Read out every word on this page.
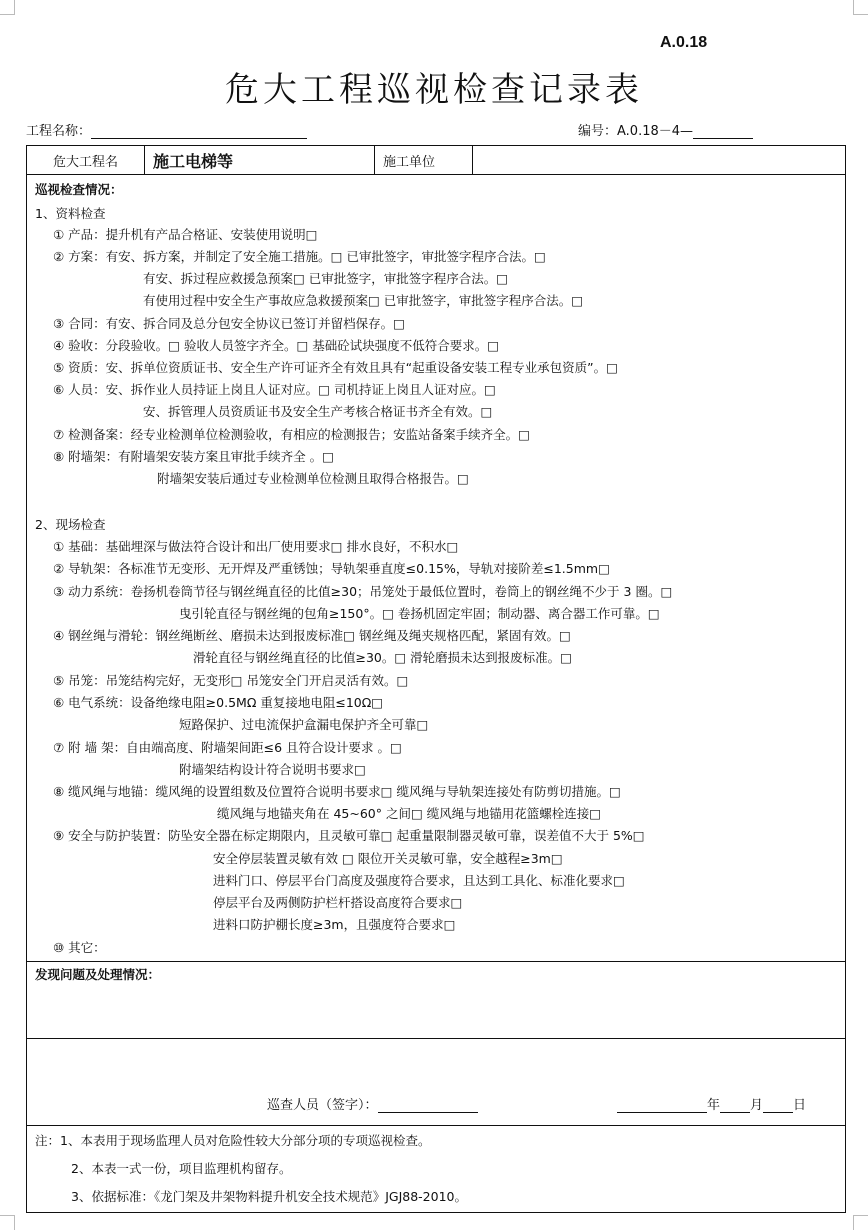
A.0.18
危大工程巡视检查记录表
工程名称：	编号：A.0.18－4—
危大工程名 施工电梯等	施工单位
巡视检查情况：
1、资料检查
① 产品：提升机有产品合格证、安装使用说明□
② 方案：有安、拆方案，并制定了安全施工措施。□ 已审批签字，审批签字程序合法。□
有安、拆过程应救援急预案□ 已审批签字，审批签字程序合法。□
有使用过程中安全生产事故应急救援预案□ 已审批签字，审批签字程序合法。□
③ 合同：有安、拆合同及总分包安全协议已签订并留档保存。□
④ 验收：分段验收。□ 验收人员签字齐全。□ 基础砼试块强度不低符合要求。□
⑤ 资质：安、拆单位资质证书、安全生产许可证齐全有效且具有“起重设备安装工程专业承包资质”。□
⑥ 人员：安、拆作业人员持证上岗且人证对应。□ 司机持证上岗且人证对应。□
安、拆管理人员资质证书及安全生产考核合格证书齐全有效。□
⑦ 检测备案：经专业检测单位检测验收，有相应的检测报告；安监站备案手续齐全。□
⑧ 附墙架：有附墙架安装方案且审批手续齐全 。□
附墙架安装后通过专业检测单位检测且取得合格报告。□
2、现场检查
① 基础：基础埋深与做法符合设计和出厂使用要求□ 排水良好，不积水□
② 导轨架：各标准节无变形、无开焊及严重锈蚀；导轨架垂直度≤0.15%，导轨对接阶差≤1.5mm□
③ 动力系统：卷扬机卷筒节径与钢丝绳直径的比值≥30；吊笼处于最低位置时，卷筒上的钢丝绳不少于 3 圈。□
曳引轮直径与钢丝绳的包角≥150°。□ 卷扬机固定牢固；制动器、离合器工作可靠。□
④ 钢丝绳与滑轮：钢丝绳断丝、磨损未达到报废标准□ 钢丝绳及绳夹规格匹配，紧固有效。□
滑轮直径与钢丝绳直径的比值≥30。□ 滑轮磨损未达到报废标准。□
⑤ 吊笼：吊笼结构完好，无变形□ 吊笼安全门开启灵活有效。□
⑥ 电气系统：设备绝缘电阻≥0.5MΩ 重复接地电阻≤10Ω□
短路保护、过电流保护盒漏电保护齐全可靠□
⑦ 附 墙 架：自由端高度、附墙架间距≤6 且符合设计要求 。□
附墙架结构设计符合说明书要求□
⑧ 缆风绳与地锚：缆风绳的设置组数及位置符合说明书要求□ 缆风绳与导轨架连接处有防剪切措施。□
缆风绳与地锚夹角在 45~60° 之间□ 缆风绳与地锚用花篮螺栓连接□
⑨ 安全与防护装置：防坠安全器在标定期限内，且灵敏可靠□ 起重量限制器灵敏可靠，误差值不大于 5%□
安全停层装置灵敏有效 □ 限位开关灵敏可靠，安全越程≥3m□
进料门口、停层平台门高度及强度符合要求，且达到工具化、标准化要求□
停层平台及两侧防护栏杆搭设高度符合要求□
进料口防护棚长度≥3m，且强度符合要求□
⑩ 其它：
发现问题及处理情况：
巡查人员（签字）：	年 月 日
注：1、本表用于现场监理人员对危险性较大分部分项的专项巡视检查。
2、本表一式一份，项目监理机构留存。
3、依据标准：《龙门架及井架物料提升机安全技术规范》JGJ88-2010。
